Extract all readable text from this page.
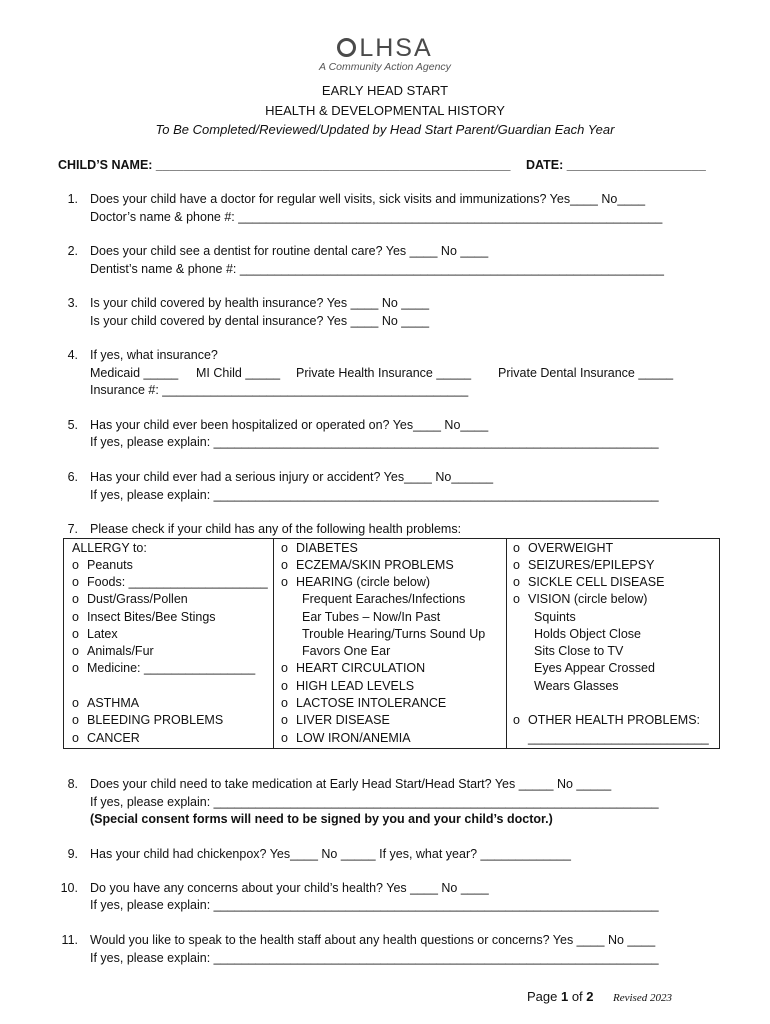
LHSA
A Community Action Agency
EARLY HEAD START
HEALTH & DEVELOPMENTAL HISTORY
To Be Completed/Reviewed/Updated by Head Start Parent/Guardian Each Year
CHILD’S NAME: ___________________________________________________ DATE: ____________________
1. Does your child have a doctor for regular well visits, sick visits and immunizations? Yes____ No____
Doctor’s name & phone #: _____________________________________________________________
2. Does your child see a dentist for routine dental care? Yes ____ No ____
Dentist’s name & phone #: _____________________________________________________________
3. Is your child covered by health insurance? Yes ____ No ____
Is your child covered by dental insurance? Yes ____ No ____
4. If yes, what insurance?
Medicaid _____ MI Child _____ Private Health Insurance _____ Private Dental Insurance _____
Insurance #: ____________________________________________
5. Has your child ever been hospitalized or operated on? Yes____ No____
If yes, please explain: ________________________________________________________________
6. Has your child ever had a serious injury or accident? Yes____ No______
If yes, please explain: ________________________________________________________________
7. Please check if your child has any of the following health problems:
ALLERGY to:
o Peanuts
o Foods: ____________________
o Dust/Grass/Pollen
o Insect Bites/Bee Stings
o Latex
o Animals/Fur
o Medicine: ________________
o ASTHMA
o BLEEDING PROBLEMS
o CANCER
o DIABETES
o ECZEMA/SKIN PROBLEMS
o HEARING (circle below)
Frequent Earaches/Infections
Ear Tubes – Now/In Past
Trouble Hearing/Turns Sound Up
Favors One Ear
o HEART CIRCULATION
o HIGH LEAD LEVELS
o LACTOSE INTOLERANCE
o LIVER DISEASE
o LOW IRON/ANEMIA
o OVERWEIGHT
o SEIZURES/EPILEPSY
o SICKLE CELL DISEASE
o VISION (circle below)
Squints
Holds Object Close
Sits Close to TV
Eyes Appear Crossed
Wears Glasses
o OTHER HEALTH PROBLEMS:
__________________________
8. Does your child need to take medication at Early Head Start/Head Start? Yes _____ No _____
If yes, please explain: ________________________________________________________________
(Special consent forms will need to be signed by you and your child’s doctor.)
9. Has your child had chickenpox? Yes____ No _____ If yes, what year? _____________
10. Do you have any concerns about your child’s health? Yes ____ No ____
If yes, please explain: ________________________________________________________________
11. Would you like to speak to the health staff about any health questions or concerns? Yes ____ No ____
If yes, please explain: ________________________________________________________________
Page 1 of 2 Revised 2023
